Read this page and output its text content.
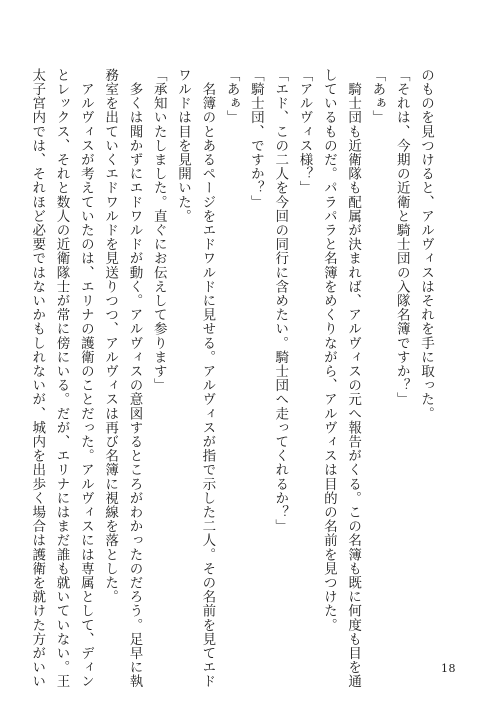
のものを見つけると、アルヴィスはそれを手に取った。
「それは、今期の近衛と騎士団の入隊名簿ですか？」
「あぁ」
　騎士団も近衛隊も配属が決まれば、アルヴィスの元へ報告がくる。この名簿も既に何度も目を通
しているものだ。パラパラと名簿をめくりながら、アルヴィスは目的の名前を見つけた。
「アルヴィス様？」
「エド、この二人を今回の同行に含めたい。騎士団へ走ってくれるか？」
「騎士団、ですか？」
「あぁ」
　名簿のとあるページをエドワルドに見せる。アルヴィスが指で示した二人。その名前を見てエド
ワルドは目を見開いた。
「承知いたしました。直ぐにお伝えして参ります」
　多くは聞かずにエドワルドが動く。アルヴィスの意図するところがわかったのだろう。足早に執
務室を出ていくエドワルドを見送りつつ、アルヴィスは再び名簿に視線を落とした。
　アルヴィスが考えていたのは、エリナの護衛のことだった。アルヴィスには専属として、ディン
とレックス、それと数人の近衛隊士が常に傍にいる。だが、エリナにはまだ誰も就いていない。王
太子宮内では、それほど必要ではないかもしれないが、城内を出歩く場合は護衛を就けた方がいい	18
